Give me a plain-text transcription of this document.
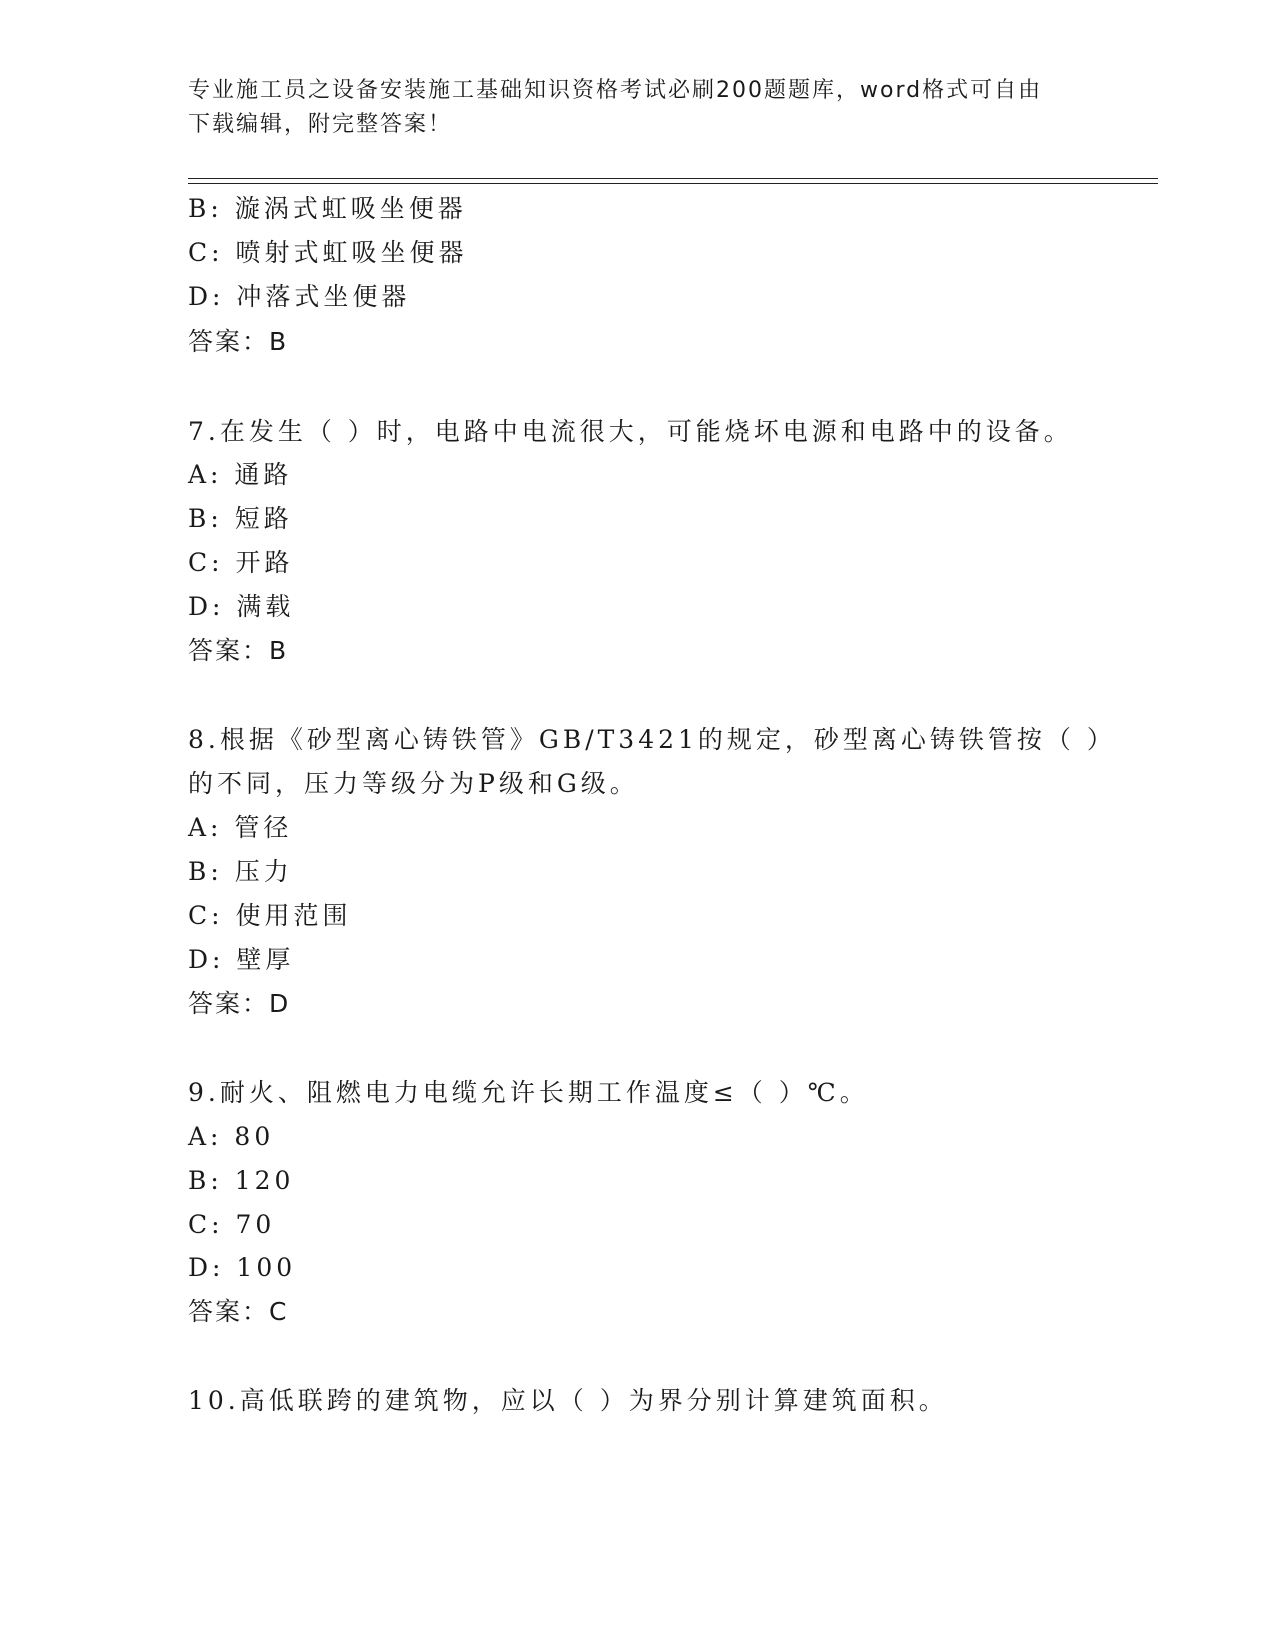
专业施工员之设备安装施工基础知识资格考试必刷200题题库，word格式可自由
下载编辑，附完整答案！
B: 漩涡式虹吸坐便器
C: 喷射式虹吸坐便器
D: 冲落式坐便器
答案：B
7.在发生（ ）时，电路中电流很大，可能烧坏电源和电路中的设备。
A: 通路
B: 短路
C: 开路
D: 满载
答案：B
8.根据《砂型离心铸铁管》GB/T3421的规定，砂型离心铸铁管按（ ）
的不同，压力等级分为P级和G级。
A: 管径
B: 压力
C: 使用范围
D: 壁厚
答案：D
9.耐火、阻燃电力电缆允许长期工作温度≤（ ）℃。
A: 80
B: 120
C: 70
D: 100
答案：C
10.高低联跨的建筑物，应以（ ）为界分别计算建筑面积。
